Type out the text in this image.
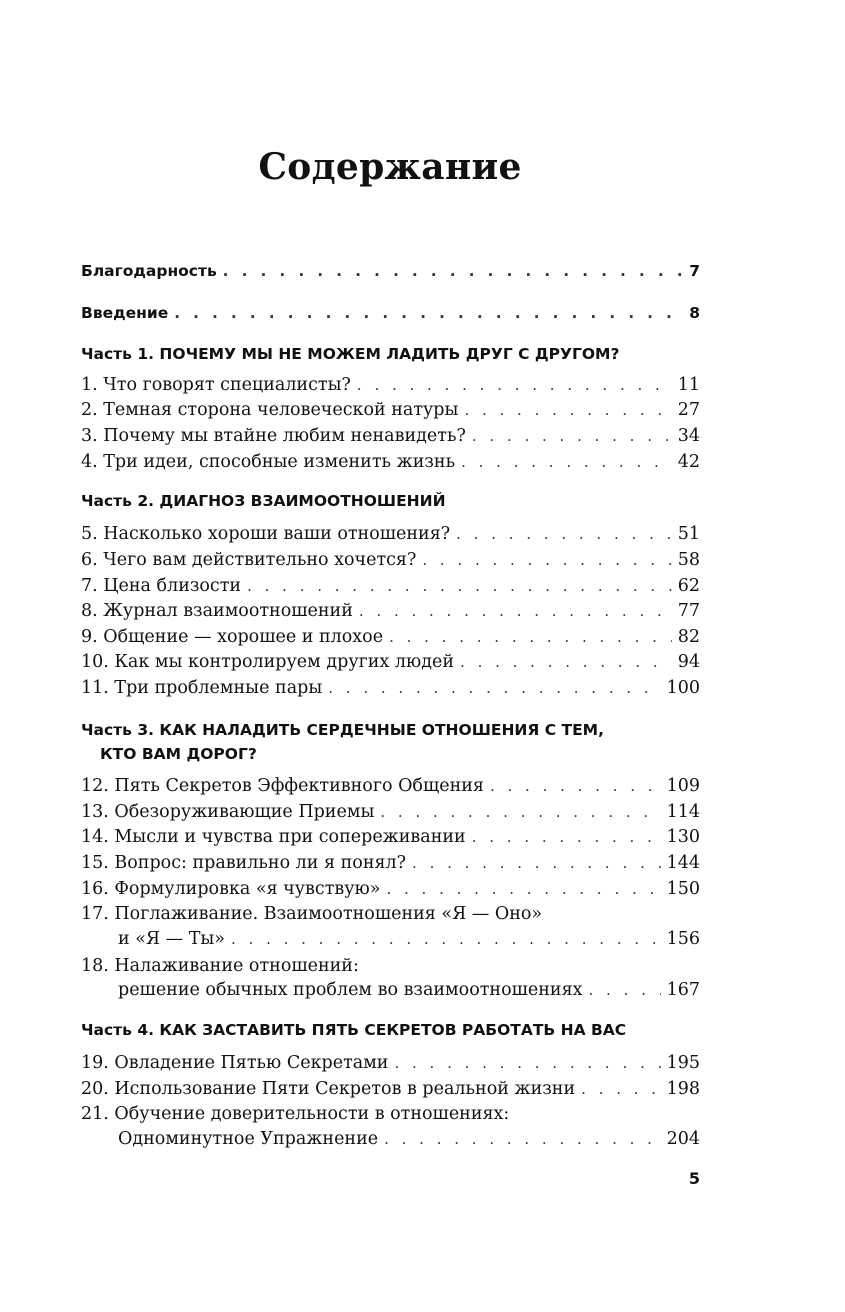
Содержание
Благодарность . . .	7
Введение . . .	8
Часть 1. ПОЧЕМУ МЫ НЕ МОЖЕМ ЛАДИТЬ ДРУГ С ДРУГОМ?
1. Что говорят специалисты? . . .	11
2. Темная сторона человеческой натуры . . .	27
3. Почему мы втайне любим ненавидеть? . . .	34
4. Три идеи, способные изменить жизнь . . .	42
Часть 2. ДИАГНОЗ ВЗАИМООТНОШЕНИЙ
5. Насколько хороши ваши отношения? . . .	51
6. Чего вам действительно хочется? . . .	58
7. Цена близости . . .	62
8. Журнал взаимоотношений . . .	77
9. Общение — хорошее и плохое . . .	82
10. Как мы контролируем других людей . . .	94
11. Три проблемные пары . . .	100
Часть 3. КАК НАЛАДИТЬ СЕРДЕЧНЫЕ ОТНОШЕНИЯ С ТЕМ,
КТО ВАМ ДОРОГ?
12. Пять Секретов Эффективного Общения . . .	109
13. Обезоруживающие Приемы . . .	114
14. Мысли и чувства при сопереживании . . .	130
15. Вопрос: правильно ли я понял? . . .	144
16. Формулировка «я чувствую» . . .	150
17. Поглаживание. Взаимоотношения «Я — Оно»
и «Я — Ты» . . .	156
18. Налаживание отношений:
решение обычных проблем во взаимоотношениях . . .	167
Часть 4. КАК ЗАСТАВИТЬ ПЯТЬ СЕКРЕТОВ РАБОТАТЬ НА ВАС
19. Овладение Пятью Секретами . . .	195
20. Использование Пяти Секретов в реальной жизни . . .	198
21. Обучение доверительности в отношениях:
Одноминутное Упражнение . . .	204
5
